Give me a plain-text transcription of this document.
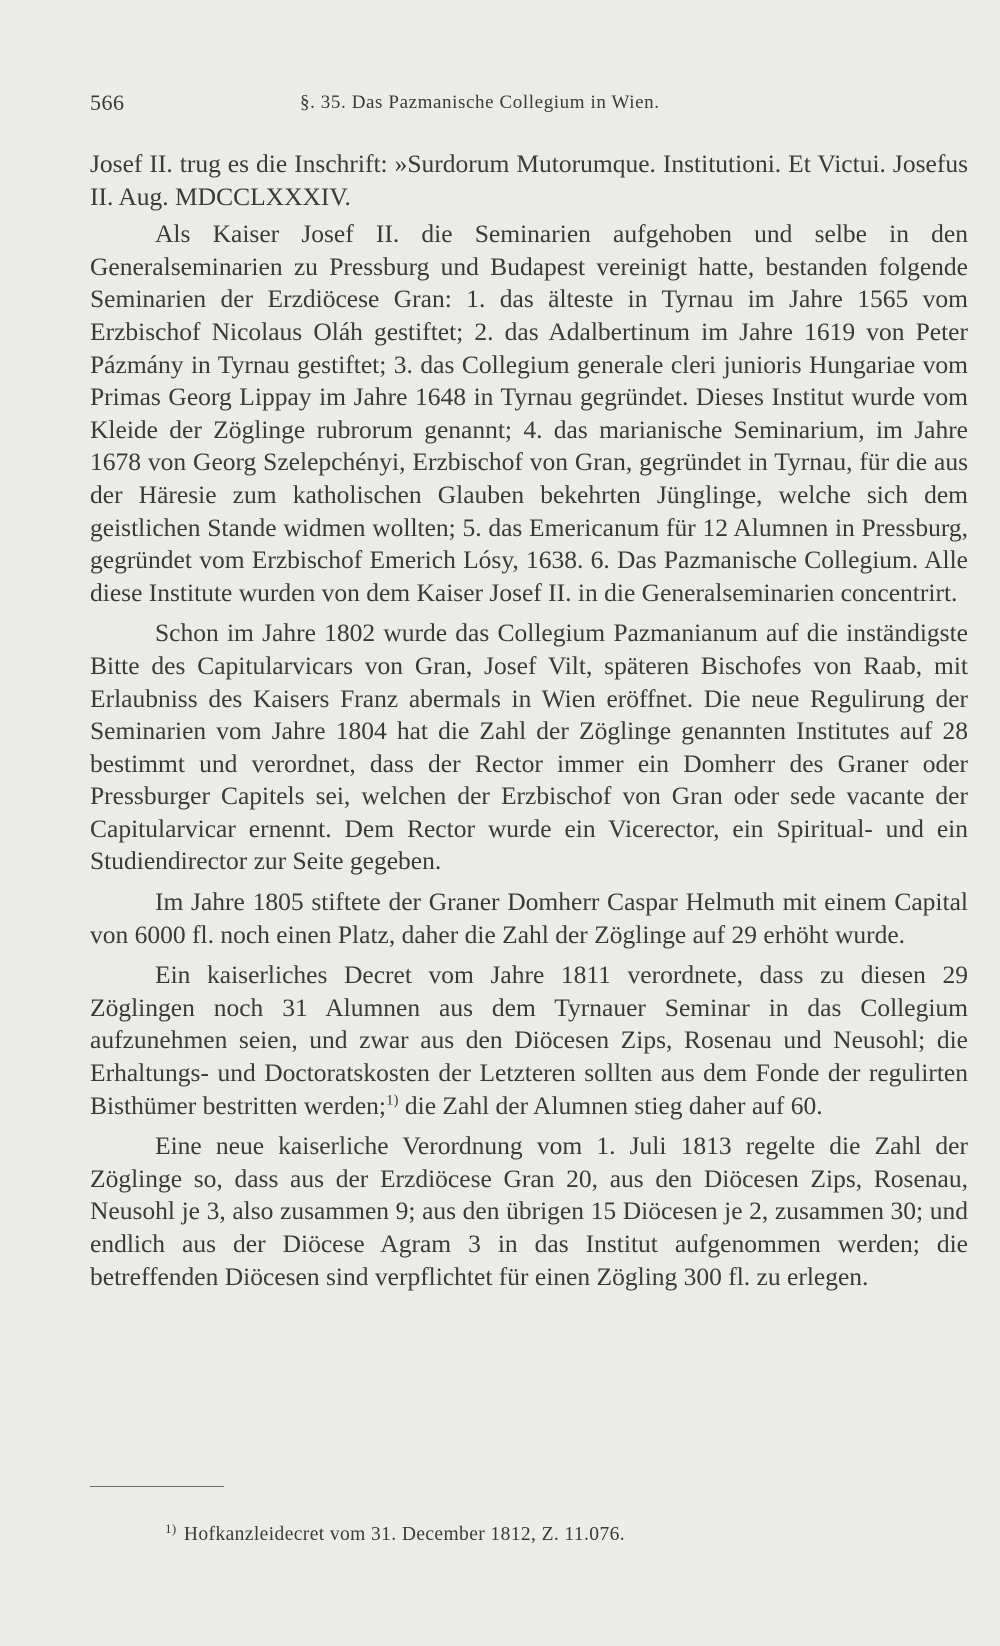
566	§. 35. Das Pazmanische Collegium in Wien.

Josef II. trug es die Inschrift: »Surdorum Mutorumque. Institutioni. Et Victui. Josefus II. Aug. MDCCLXXXIV.

Als Kaiser Josef II. die Seminarien aufgehoben und selbe in den Generalseminarien zu Pressburg und Budapest vereinigt hatte, bestanden folgende Seminarien der Erzdiöcese Gran: 1. das älteste in Tyrnau im Jahre 1565 vom Erzbischof Nicolaus Oláh gestiftet; 2. das Adalbertinum im Jahre 1619 von Peter Pázmány in Tyrnau gestiftet; 3. das Collegium generale cleri junioris Hungariae vom Primas Georg Lippay im Jahre 1648 in Tyrnau gegründet. Dieses Institut wurde vom Kleide der Zöglinge rubrorum genannt; 4. das marianische Seminarium, im Jahre 1678 von Georg Szelepchényi, Erzbischof von Gran, gegründet in Tyrnau, für die aus der Häresie zum katholischen Glauben bekehrten Jünglinge, welche sich dem geistlichen Stande widmen wollten; 5. das Emericanum für 12 Alumnen in Pressburg, gegründet vom Erzbischof Emerich Lósy, 1638. 6. Das Pazmanische Collegium. Alle diese Institute wurden von dem Kaiser Josef II. in die Generalseminarien concentrirt.

Schon im Jahre 1802 wurde das Collegium Pazmanianum auf die inständigste Bitte des Capitularvicars von Gran, Josef Vilt, späteren Bischofes von Raab, mit Erlaubniss des Kaisers Franz abermals in Wien eröffnet. Die neue Regulirung der Seminarien vom Jahre 1804 hat die Zahl der Zöglinge genannten Institutes auf 28 bestimmt und verordnet, dass der Rector immer ein Domherr des Graner oder Pressburger Capitels sei, welchen der Erzbischof von Gran oder sede vacante der Capitularvicar ernennt. Dem Rector wurde ein Vicerector, ein Spiritual- und ein Studiendirector zur Seite gegeben.

Im Jahre 1805 stiftete der Graner Domherr Caspar Helmuth mit einem Capital von 6000 fl. noch einen Platz, daher die Zahl der Zöglinge auf 29 erhöht wurde.

Ein kaiserliches Decret vom Jahre 1811 verordnete, dass zu diesen 29 Zöglingen noch 31 Alumnen aus dem Tyrnauer Seminar in das Collegium aufzunehmen seien, und zwar aus den Diöcesen Zips, Rosenau und Neusohl; die Erhaltungs- und Doctoratskosten der Letzteren sollten aus dem Fonde der regulirten Bisthümer bestritten werden;$^{1)}$ die Zahl der Alumnen stieg daher auf 60.

Eine neue kaiserliche Verordnung vom 1. Juli 1813 regelte die Zahl der Zöglinge so, dass aus der Erzdiöcese Gran 20, aus den Diöcesen Zips, Rosenau, Neusohl je 3, also zusammen 9; aus den übrigen 15 Diöcesen je 2, zusammen 30; und endlich aus der Diöcese Agram 3 in das Institut aufgenommen werden; die betreffenden Diöcesen sind verpflichtet für einen Zögling 300 fl. zu erlegen.

$^{1)}$ Hofkanzleidecret vom 31. December 1812, Z. 11.076.
